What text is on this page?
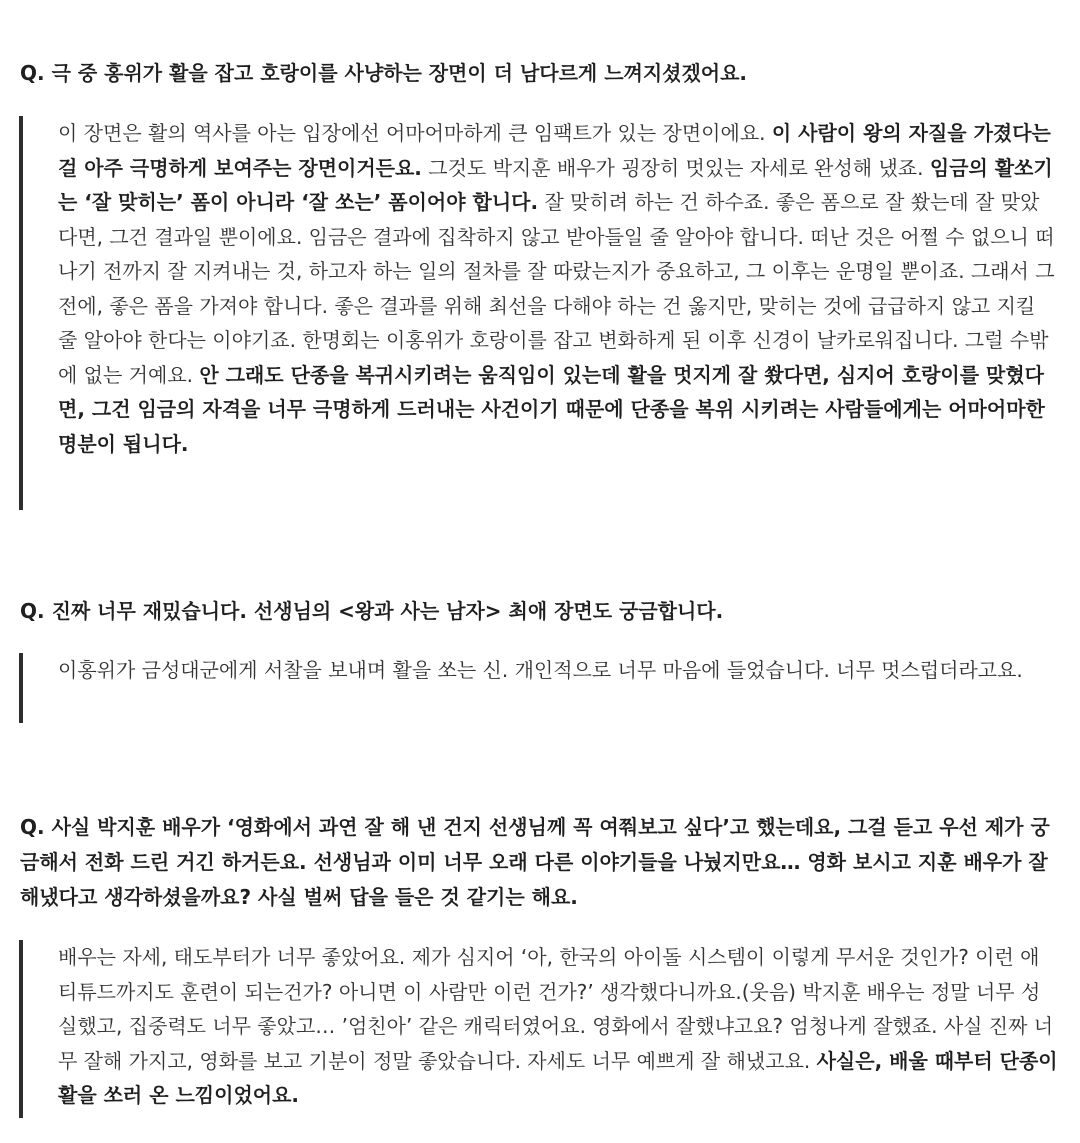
Q. 극 중 홍위가 활을 잡고 호랑이를 사냥하는 장면이 더 남다르게 느껴지셨겠어요.

이 장면은 활의 역사를 아는 입장에선 어마어마하게 큰 임팩트가 있는 장면이에요. 이 사람이 왕의 자질을 가졌다는 걸 아주 극명하게 보여주는 장면이거든요. 그것도 박지훈 배우가 굉장히 멋있는 자세로 완성해 냈죠. 임금의 활쏘기는 ‘잘 맞히는’ 폼이 아니라 ‘잘 쏘는’ 폼이어야 합니다. 잘 맞히려 하는 건 하수죠. 좋은 폼으로 잘 쐈는데 잘 맞았다면, 그건 결과일 뿐이에요. 임금은 결과에 집착하지 않고 받아들일 줄 알아야 합니다. 떠난 것은 어쩔 수 없으니 떠나기 전까지 잘 지켜내는 것, 하고자 하는 일의 절차를 잘 따랐는지가 중요하고, 그 이후는 운명일 뿐이죠. 그래서 그 전에, 좋은 폼을 가져야 합니다. 좋은 결과를 위해 최선을 다해야 하는 건 옳지만, 맞히는 것에 급급하지 않고 지킬 줄 알아야 한다는 이야기죠. 한명회는 이홍위가 호랑이를 잡고 변화하게 된 이후 신경이 날카로워집니다. 그럴 수밖에 없는 거예요. 안 그래도 단종을 복귀시키려는 움직임이 있는데 활을 멋지게 잘 쐈다면, 심지어 호랑이를 맞혔다면, 그건 임금의 자격을 너무 극명하게 드러내는 사건이기 때문에 단종을 복위 시키려는 사람들에게는 어마어마한 명분이 됩니다.

Q. 진짜 너무 재밌습니다. 선생님의 <왕과 사는 남자> 최애 장면도 궁금합니다.

이홍위가 금성대군에게 서찰을 보내며 활을 쏘는 신. 개인적으로 너무 마음에 들었습니다. 너무 멋스럽더라고요.

Q. 사실 박지훈 배우가 ‘영화에서 과연 잘 해 낸 건지 선생님께 꼭 여쭤보고 싶다’고 했는데요, 그걸 듣고 우선 제가 궁금해서 전화 드린 거긴 하거든요. 선생님과 이미 너무 오래 다른 이야기들을 나눴지만요… 영화 보시고 지훈 배우가 잘 해냈다고 생각하셨을까요? 사실 벌써 답을 들은 것 같기는 해요.

배우는 자세, 태도부터가 너무 좋았어요. 제가 심지어 ‘아, 한국의 아이돌 시스템이 이렇게 무서운 것인가? 이런 애티튜드까지도 훈련이 되는건가? 아니면 이 사람만 이런 건가?’ 생각했다니까요.(웃음) 박지훈 배우는 정말 너무 성실했고, 집중력도 너무 좋았고… ’엄친아’ 같은 캐릭터였어요. 영화에서 잘했냐고요? 엄청나게 잘했죠. 사실 진짜 너무 잘해 가지고, 영화를 보고 기분이 정말 좋았습니다. 자세도 너무 예쁘게 잘 해냈고요. 사실은, 배울 때부터 단종이 활을 쏘러 온 느낌이었어요.
